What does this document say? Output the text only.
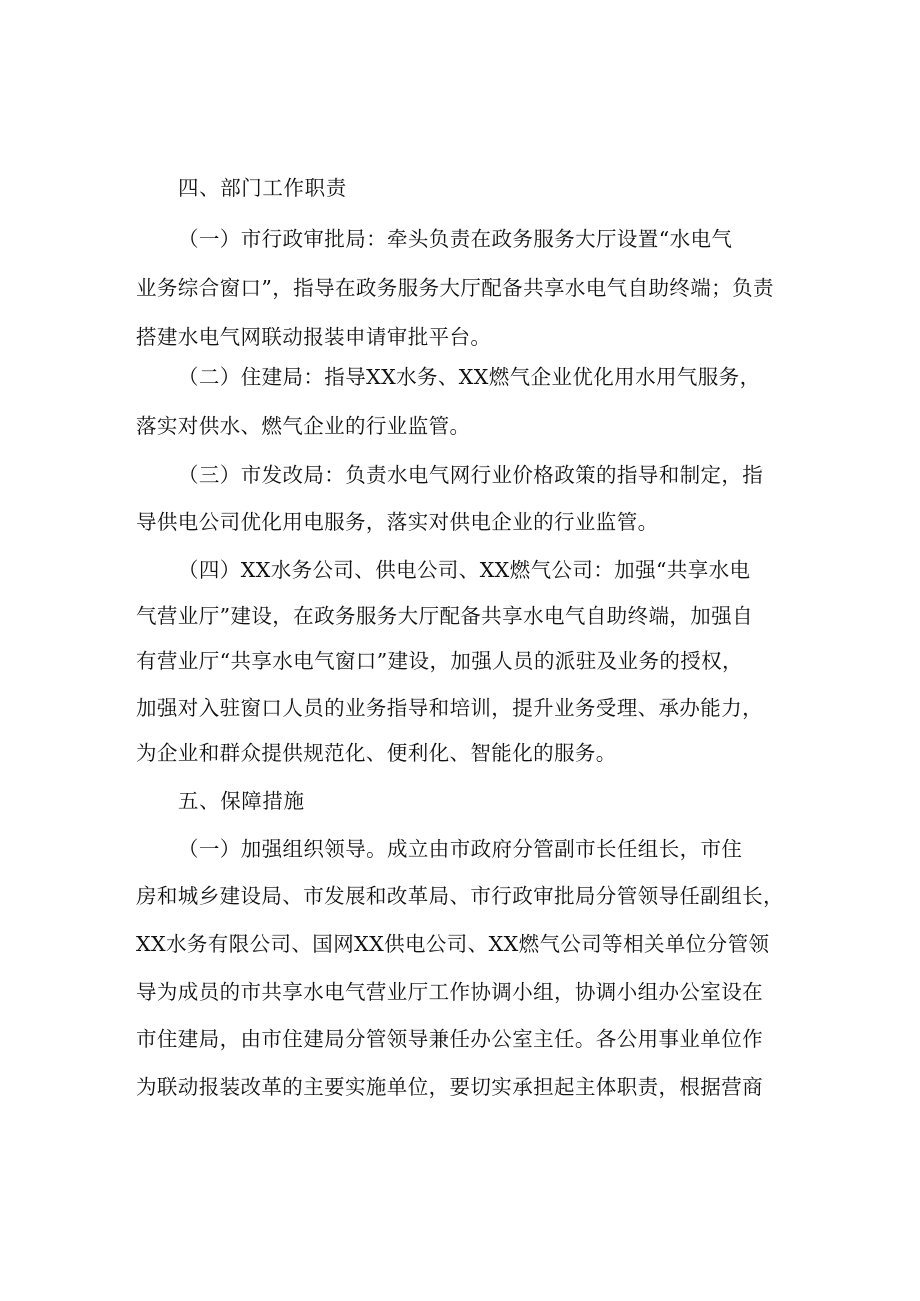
四、部门工作职责
（一）市行政审批局：牵头负责在政务服务大厅设置“水电气
业务综合窗口”，指导在政务服务大厅配备共享水电气自助终端；负责
搭建水电气网联动报装申请审批平台。
（二）住建局：指导XX水务、XX燃气企业优化用水用气服务，
落实对供水、燃气企业的行业监管。
（三）市发改局：负责水电气网行业价格政策的指导和制定，指
导供电公司优化用电服务，落实对供电企业的行业监管。
（四）XX水务公司、供电公司、XX燃气公司：加强“共享水电
气营业厅”建设，在政务服务大厅配备共享水电气自助终端，加强自
有营业厅“共享水电气窗口”建设，加强人员的派驻及业务的授权，
加强对入驻窗口人员的业务指导和培训，提升业务受理、承办能力，
为企业和群众提供规范化、便利化、智能化的服务。
五、保障措施
（一）加强组织领导。成立由市政府分管副市长任组长，市住
房和城乡建设局、市发展和改革局、市行政审批局分管领导任副组长，
XX水务有限公司、国网XX供电公司、XX燃气公司等相关单位分管领
导为成员的市共享水电气营业厅工作协调小组，协调小组办公室设在
市住建局，由市住建局分管领导兼任办公室主任。各公用事业单位作
为联动报装改革的主要实施单位，要切实承担起主体职责，根据营商
